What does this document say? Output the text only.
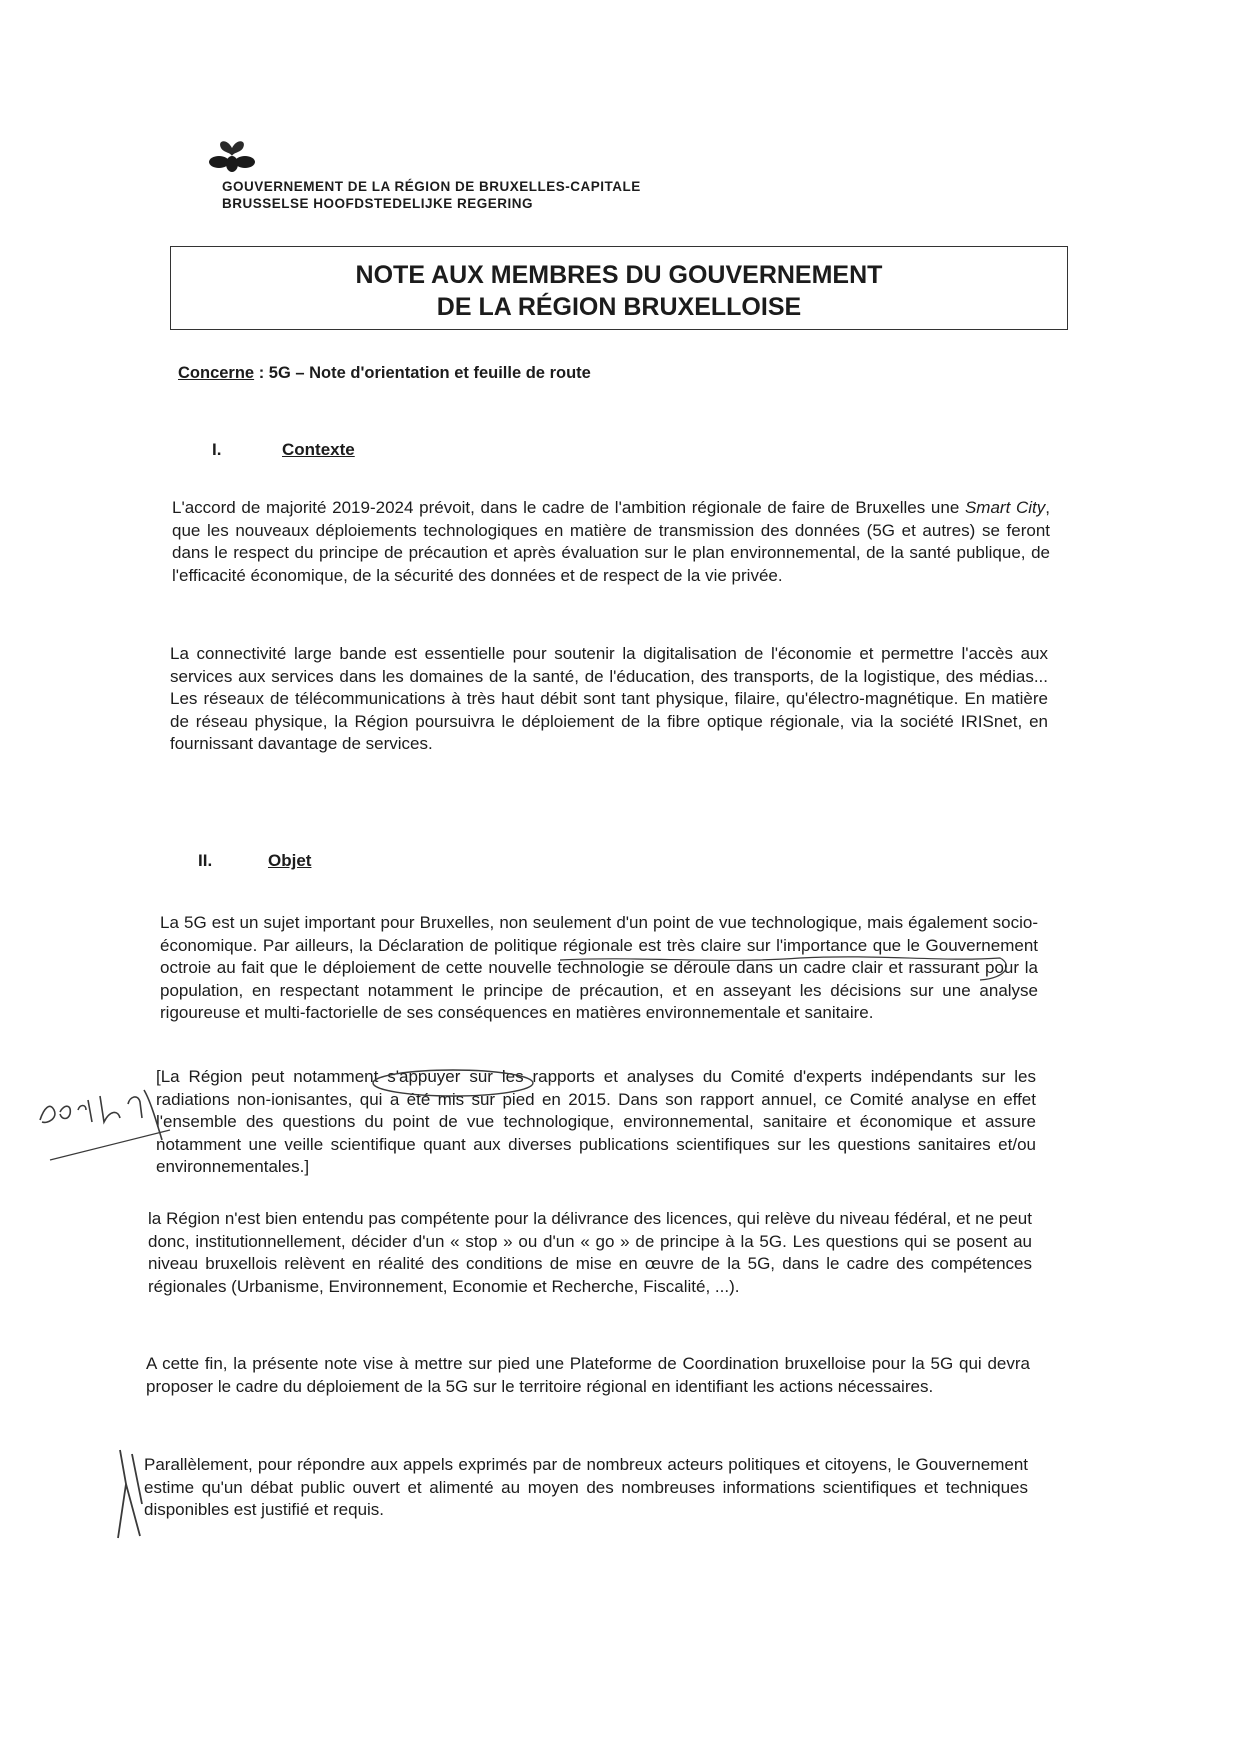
GOUVERNEMENT DE LA RÉGION DE BRUXELLES-CAPITALE
BRUSSELSE HOOFDSTEDELIJKE REGERING
NOTE AUX MEMBRES DU GOUVERNEMENT
DE LA RÉGION BRUXELLOISE
Concerne : 5G – Note d'orientation et feuille de route
I.	Contexte
L'accord de majorité 2019-2024 prévoit, dans le cadre de l'ambition régionale de faire de Bruxelles une Smart City, que les nouveaux déploiements technologiques en matière de transmission des données (5G et autres) se feront dans le respect du principe de précaution et après évaluation sur le plan environnemental, de la santé publique, de l'efficacité économique, de la sécurité des données et de respect de la vie privée.
La connectivité large bande est essentielle pour soutenir la digitalisation de l'économie et permettre l'accès aux services aux services dans les domaines de la santé, de l'éducation, des transports, de la logistique, des médias... Les réseaux de télécommunications à très haut débit sont tant physique, filaire, qu'électro-magnétique. En matière de réseau physique, la Région poursuivra le déploiement de la fibre optique régionale, via la société IRISnet, en fournissant davantage de services.
II.	Objet
La 5G est un sujet important pour Bruxelles, non seulement d'un point de vue technologique, mais également socio-économique. Par ailleurs, la Déclaration de politique régionale est très claire sur l'importance que le Gouvernement octroie au fait que le déploiement de cette nouvelle technologie se déroule dans un cadre clair et rassurant pour la population, en respectant notamment le principe de précaution, et en asseyant les décisions sur une analyse rigoureuse et multi-factorielle de ses conséquences en matières environnementale et sanitaire.
[La Région peut notamment s'appuyer sur les rapports et analyses du Comité d'experts indépendants sur les radiations non-ionisantes, qui a été mis sur pied en 2015. Dans son rapport annuel, ce Comité analyse en effet l'ensemble des questions du point de vue technologique, environnemental, sanitaire et économique et assure notamment une veille scientifique quant aux diverses publications scientifiques sur les questions sanitaires et/ou environnementales.]
la Région n'est bien entendu pas compétente pour la délivrance des licences, qui relève du niveau fédéral, et ne peut donc, institutionnellement, décider d'un « stop » ou d'un « go » de principe à la 5G. Les questions qui se posent au niveau bruxellois relèvent en réalité des conditions de mise en œuvre de la 5G, dans le cadre des compétences régionales (Urbanisme, Environnement, Economie et Recherche, Fiscalité, ...).
A cette fin, la présente note vise à mettre sur pied une Plateforme de Coordination bruxelloise pour la 5G qui devra proposer le cadre du déploiement de la 5G sur le territoire régional en identifiant les actions nécessaires.
Parallèlement, pour répondre aux appels exprimés par de nombreux acteurs politiques et citoyens, le Gouvernement estime qu'un débat public ouvert et alimenté au moyen des nombreuses informations scientifiques et techniques disponibles est justifié et requis.
